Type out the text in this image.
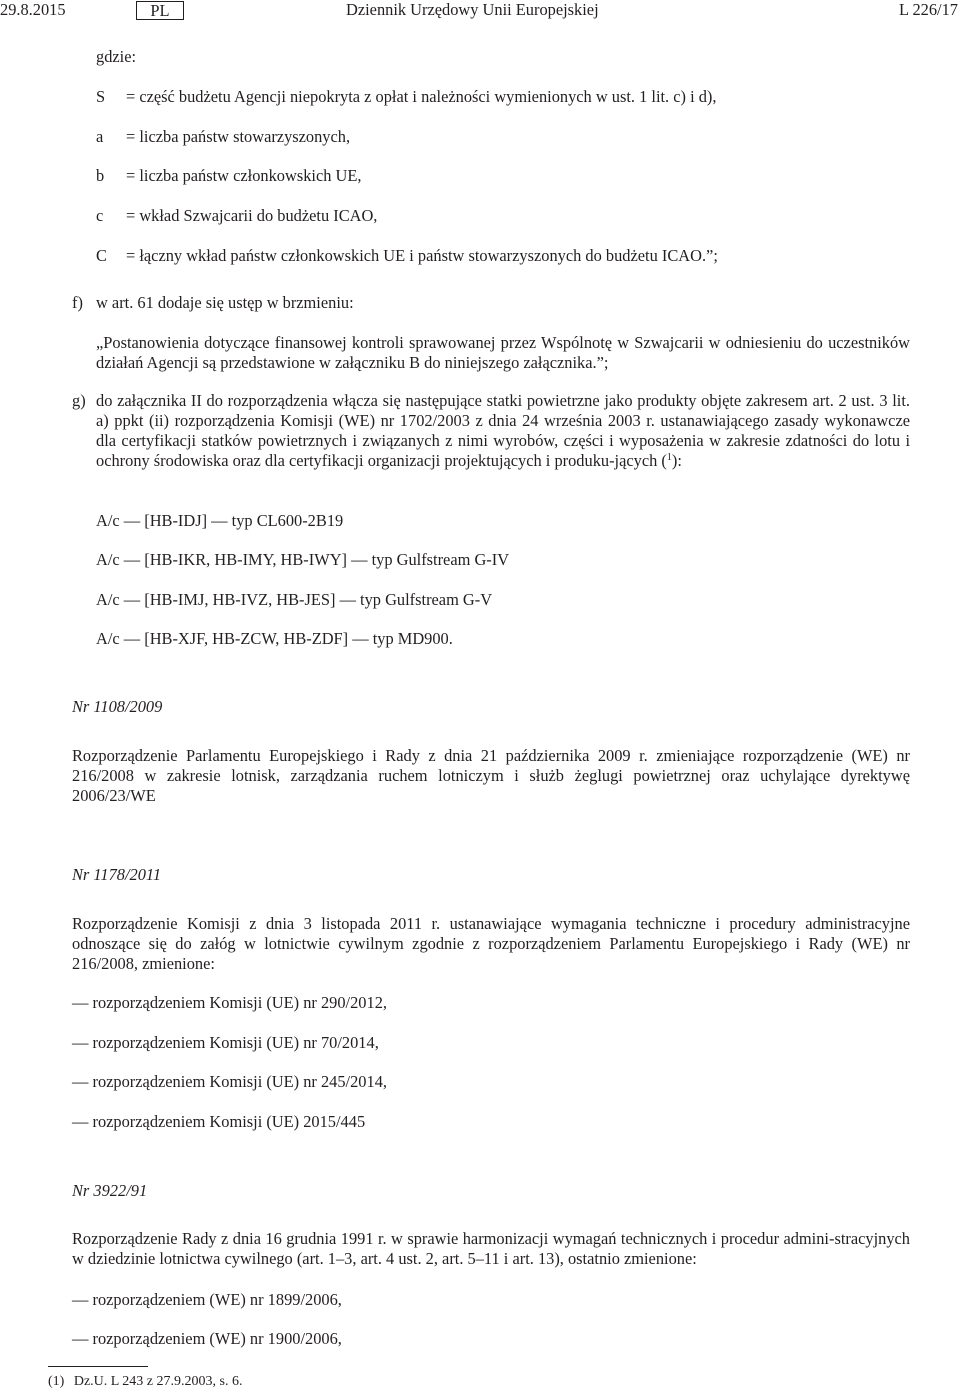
29.8.2015	PL	Dziennik Urzędowy Unii Europejskiej	L 226/17
gdzie:
S = część budżetu Agencji niepokryta z opłat i należności wymienionych w ust. 1 lit. c) i d),
a = liczba państw stowarzyszonych,
b = liczba państw członkowskich UE,
c = wkład Szwajcarii do budżetu ICAO,
C = łączny wkład państw członkowskich UE i państw stowarzyszonych do budżetu ICAO.”;
f) w art. 61 dodaje się ustęp w brzmieniu:

„Postanowienia dotyczące finansowej kontroli sprawowanej przez Wspólnotę w Szwajcarii w odniesieniu do uczestników działań Agencji są przedstawione w załączniku B do niniejszego załącznika.”;

g) do załącznika II do rozporządzenia włącza się następujące statki powietrzne jako produkty objęte zakresem art. 2 ust. 3 lit. a) ppkt (ii) rozporządzenia Komisji (WE) nr 1702/2003 z dnia 24 września 2003 r. ustanawiającego zasady wykonawcze dla certyfikacji statków powietrznych i związanych z nimi wyrobów, części i wyposażenia w zakresie zdatności do lotu i ochrony środowiska oraz dla certyfikacji organizacji projektujących i produku-jących ($^1$):

A/c — [HB-IDJ] — typ CL600-2B19
A/c — [HB-IKR, HB-IMY, HB-IWY] — typ Gulfstream G-IV
A/c — [HB-IMJ, HB-IVZ, HB-JES] — typ Gulfstream G-V
A/c — [HB-XJF, HB-ZCW, HB-ZDF] — typ MD900.
Nr 1108/2009

Rozporządzenie Parlamentu Europejskiego i Rady z dnia 21 października 2009 r. zmieniające rozporządzenie (WE) nr 216/2008 w zakresie lotnisk, zarządzania ruchem lotniczym i służb żeglugi powietrznej oraz uchylające dyrektywę 2006/23/WE

Nr 1178/2011

Rozporządzenie Komisji z dnia 3 listopada 2011 r. ustanawiające wymagania techniczne i procedury administracyjne odnoszące się do załóg w lotnictwie cywilnym zgodnie z rozporządzeniem Parlamentu Europejskiego i Rady (WE) nr 216/2008, zmienione:

— rozporządzeniem Komisji (UE) nr 290/2012,
— rozporządzeniem Komisji (UE) nr 70/2014,
— rozporządzeniem Komisji (UE) nr 245/2014,
— rozporządzeniem Komisji (UE) 2015/445
Nr 3922/91

Rozporządzenie Rady z dnia 16 grudnia 1991 r. w sprawie harmonizacji wymagań technicznych i procedur admini-stracyjnych w dziedzinie lotnictwa cywilnego (art. 1–3, art. 4 ust. 2, art. 5–11 i art. 13), ostatnio zmienione:

— rozporządzeniem (WE) nr 1899/2006,
— rozporządzeniem (WE) nr 1900/2006,
(1) Dz.U. L 243 z 27.9.2003, s. 6.
